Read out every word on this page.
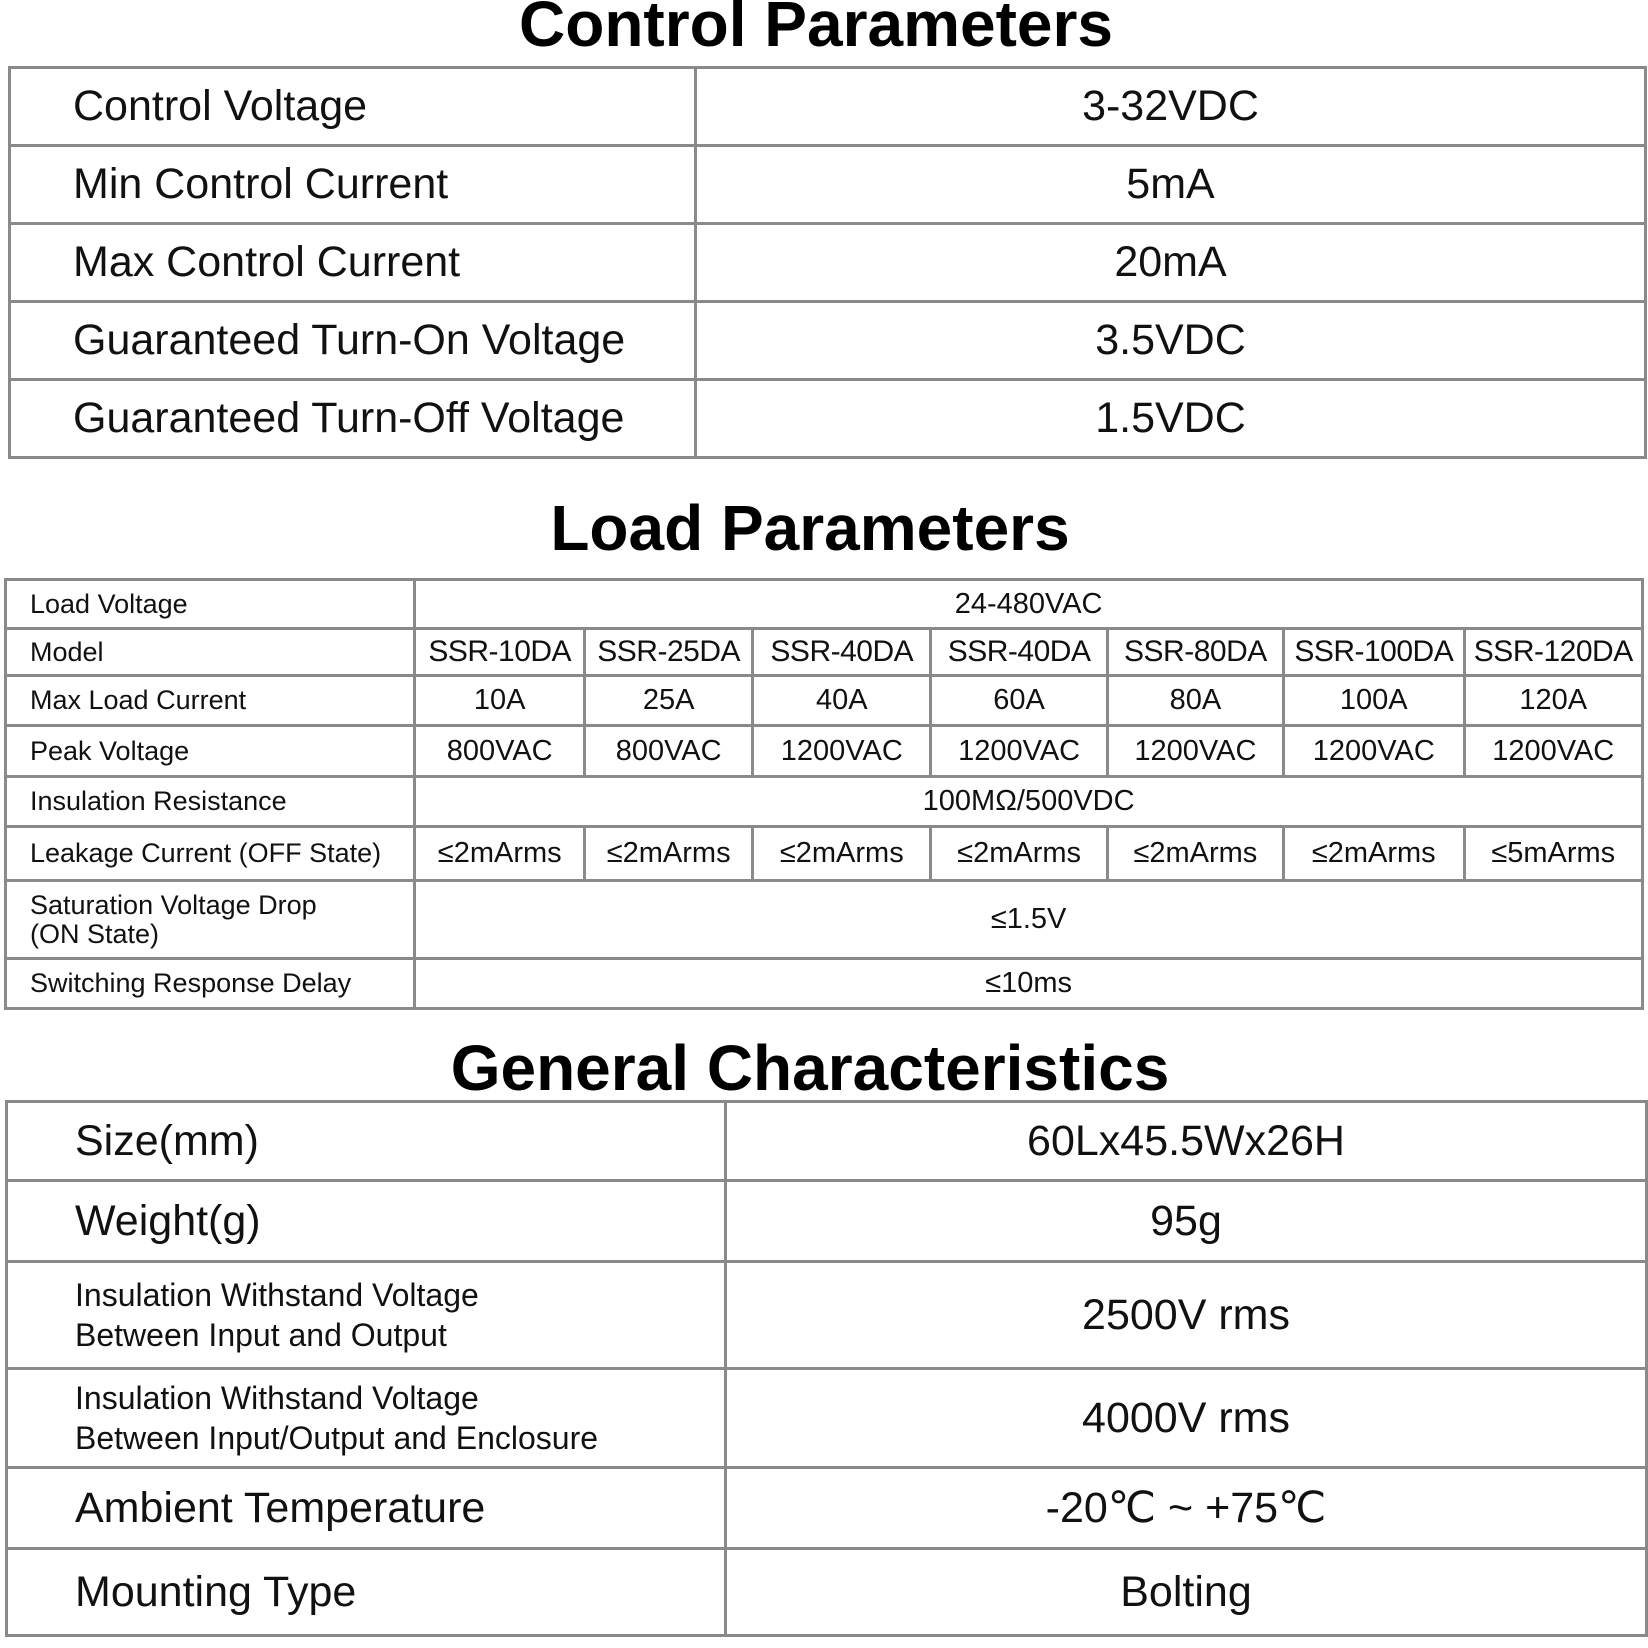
Control Parameters
Control Voltage	3-32VDC
Min Control Current	5mA
Max Control Current	20mA
Guaranteed Turn-On Voltage	3.5VDC
Guaranteed Turn-Off Voltage	1.5VDC
Load Parameters
Load Voltage	24-480VAC						
Model	SSR-10DA	SSR-25DA	SSR-40DA	SSR-40DA	SSR-80DA	SSR-100DA	SSR-120DA
Max Load Current	10A	25A	40A	60A	80A	100A	120A
Peak Voltage	800VAC	800VAC	1200VAC	1200VAC	1200VAC	1200VAC	1200VAC
Insulation Resistance	100MΩ/500VDC						
Leakage Current (OFF State)	≤2mArms	≤2mArms	≤2mArms	≤2mArms	≤2mArms	≤2mArms	≤5mArms
Saturation Voltage Drop
(ON State)	≤1.5V						
Switching Response Delay	≤10ms						
General Characteristics
Size(mm)	60Lx45.5Wx26H
Weight(g)	95g
Insulation Withstand Voltage
Between Input and Output	2500V rms
Insulation Withstand Voltage
Between Input/Output and Enclosure	4000V rms
Ambient Temperature	-20℃ ~ +75℃
Mounting Type	Bolting
